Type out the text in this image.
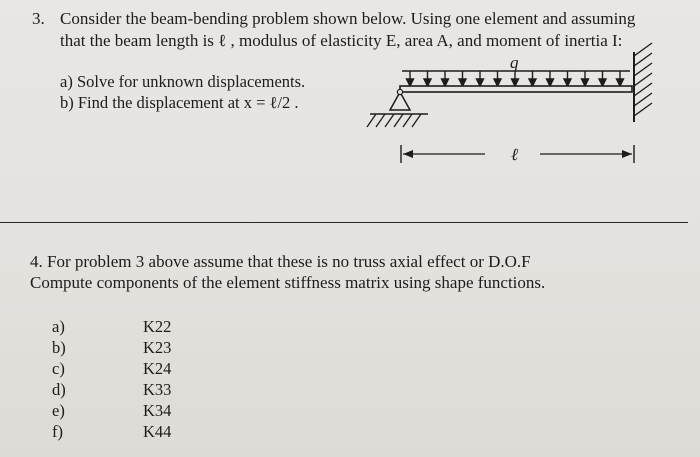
3. Consider the beam-bending problem shown below. Using one element and assuming
that the beam length is ℓ , modulus of elasticity E, area A, and moment of inertia I:
a) Solve for unknown displacements.
b) Find the displacement at x = ℓ/2 .
q
ℓ
4. For problem 3 above assume that these is no truss axial effect or D.O.F
Compute components of the element stiffness matrix using shape functions.
a)
b)
c)
d)
e)
f)
K22
K23
K24
K33
K34
K44
